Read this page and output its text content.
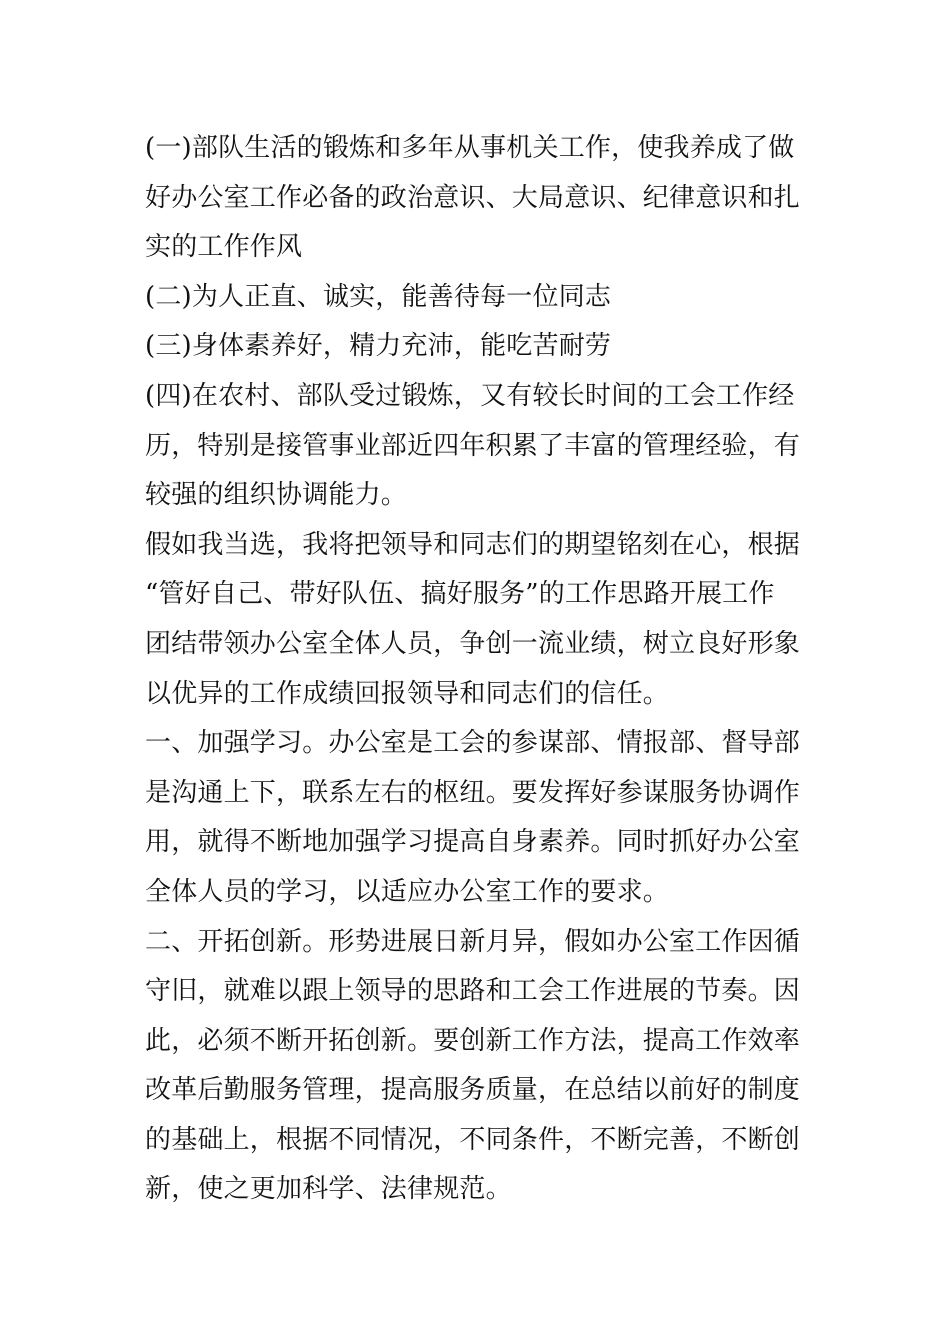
(一)部队生活的锻炼和多年从事机关工作，使我养成了做
好办公室工作必备的政治意识、大局意识、纪律意识和扎
实的工作作风
(二)为人正直、诚实，能善待每一位同志
(三)身体素养好，精力充沛，能吃苦耐劳
(四)在农村、部队受过锻炼，又有较长时间的工会工作经
历，特别是接管事业部近四年积累了丰富的管理经验，有
较强的组织协调能力。
假如我当选，我将把领导和同志们的期望铭刻在心，根据
“管好自己、带好队伍、搞好服务”的工作思路开展工作
团结带领办公室全体人员，争创一流业绩，树立良好形象
以优异的工作成绩回报领导和同志们的信任。
一、加强学习。办公室是工会的参谋部、情报部、督导部
是沟通上下，联系左右的枢纽。要发挥好参谋服务协调作
用，就得不断地加强学习提高自身素养。同时抓好办公室
全体人员的学习，以适应办公室工作的要求。
二、开拓创新。形势进展日新月异，假如办公室工作因循
守旧，就难以跟上领导的思路和工会工作进展的节奏。因
此，必须不断开拓创新。要创新工作方法，提高工作效率
改革后勤服务管理，提高服务质量，在总结以前好的制度
的基础上，根据不同情况，不同条件，不断完善，不断创
新，使之更加科学、法律规范。
